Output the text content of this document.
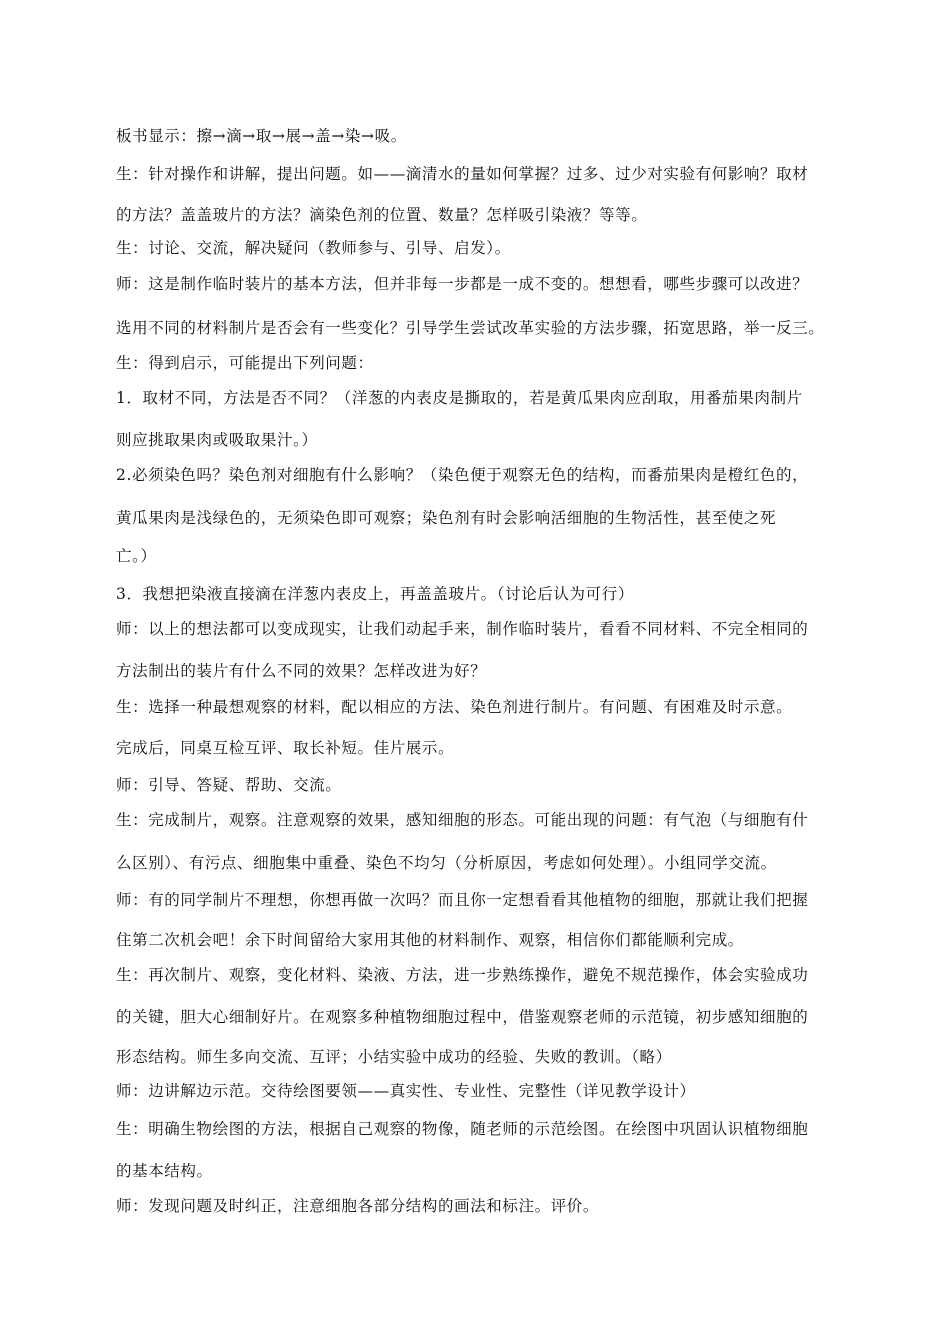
板书显示：擦→滴→取→展→盖→染→吸。
生：针对操作和讲解，提出问题。如——滴清水的量如何掌握？过多、过少对实验有何影响？取材
的方法？盖盖玻片的方法？滴染色剂的位置、数量？怎样吸引染液？等等。
生：讨论、交流，解决疑问（教师参与、引导、启发）。
师：这是制作临时装片的基本方法，但并非每一步都是一成不变的。想想看，哪些步骤可以改进？
选用不同的材料制片是否会有一些变化？引导学生尝试改革实验的方法步骤，拓宽思路，举一反三。
生：得到启示，可能提出下列问题：
1．取材不同，方法是否不同？（洋葱的内表皮是撕取的，若是黄瓜果肉应刮取，用番茄果肉制片
则应挑取果肉或吸取果汁。）
2.必须染色吗？染色剂对细胞有什么影响？（染色便于观察无色的结构，而番茄果肉是橙红色的，
黄瓜果肉是浅绿色的，无须染色即可观察；染色剂有时会影响活细胞的生物活性，甚至使之死
亡。）
3．我想把染液直接滴在洋葱内表皮上，再盖盖玻片。（讨论后认为可行）
师：以上的想法都可以变成现实，让我们动起手来，制作临时装片，看看不同材料、不完全相同的
方法制出的装片有什么不同的效果？怎样改进为好？
生：选择一种最想观察的材料，配以相应的方法、染色剂进行制片。有问题、有困难及时示意。
完成后，同桌互检互评、取长补短。佳片展示。
师：引导、答疑、帮助、交流。
生：完成制片，观察。注意观察的效果，感知细胞的形态。可能出现的问题：有气泡（与细胞有什
么区别）、有污点、细胞集中重叠、染色不均匀（分析原因，考虑如何处理）。小组同学交流。
师：有的同学制片不理想，你想再做一次吗？而且你一定想看看其他植物的细胞，那就让我们把握
住第二次机会吧！余下时间留给大家用其他的材料制作、观察，相信你们都能顺利完成。
生：再次制片、观察，变化材料、染液、方法，进一步熟练操作，避免不规范操作，体会实验成功
的关键，胆大心细制好片。在观察多种植物细胞过程中，借鉴观察老师的示范镜，初步感知细胞的
形态结构。师生多向交流、互评；小结实验中成功的经验、失败的教训。（略）
师：边讲解边示范。交待绘图要领——真实性、专业性、完整性（详见教学设计）
生：明确生物绘图的方法，根据自己观察的物像，随老师的示范绘图。在绘图中巩固认识植物细胞
的基本结构。
师：发现问题及时纠正，注意细胞各部分结构的画法和标注。评价。
